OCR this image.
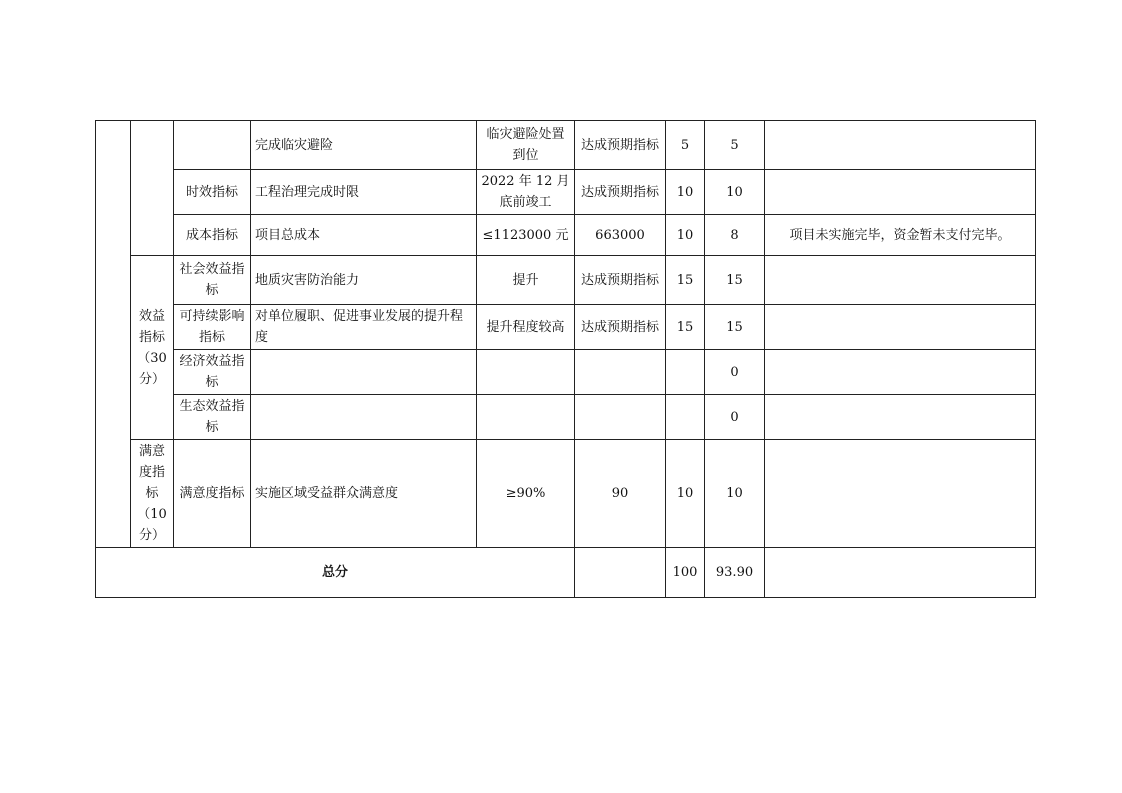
			完成临灾避险	临灾避险处置到位	达成预期指标	5	5	
		时效指标	工程治理完成时限	2022 年 12 月底前竣工	达成预期指标	10	10	
		成本指标	项目总成本	≤1123000 元	663000	10	8	项目未实施完毕，资金暂未支付完毕。
	效益指标（30分）	社会效益指标	地质灾害防治能力	提升	达成预期指标	15	15	
		可持续影响指标	对单位履职、促进事业发展的提升程度	提升程度较高	达成预期指标	15	15	
		经济效益指标					0	
		生态效益指标					0	
	满意度指标（10分）	满意度指标	实施区域受益群众满意度	≥90%	90	10	10	
总分						100	93.90	
